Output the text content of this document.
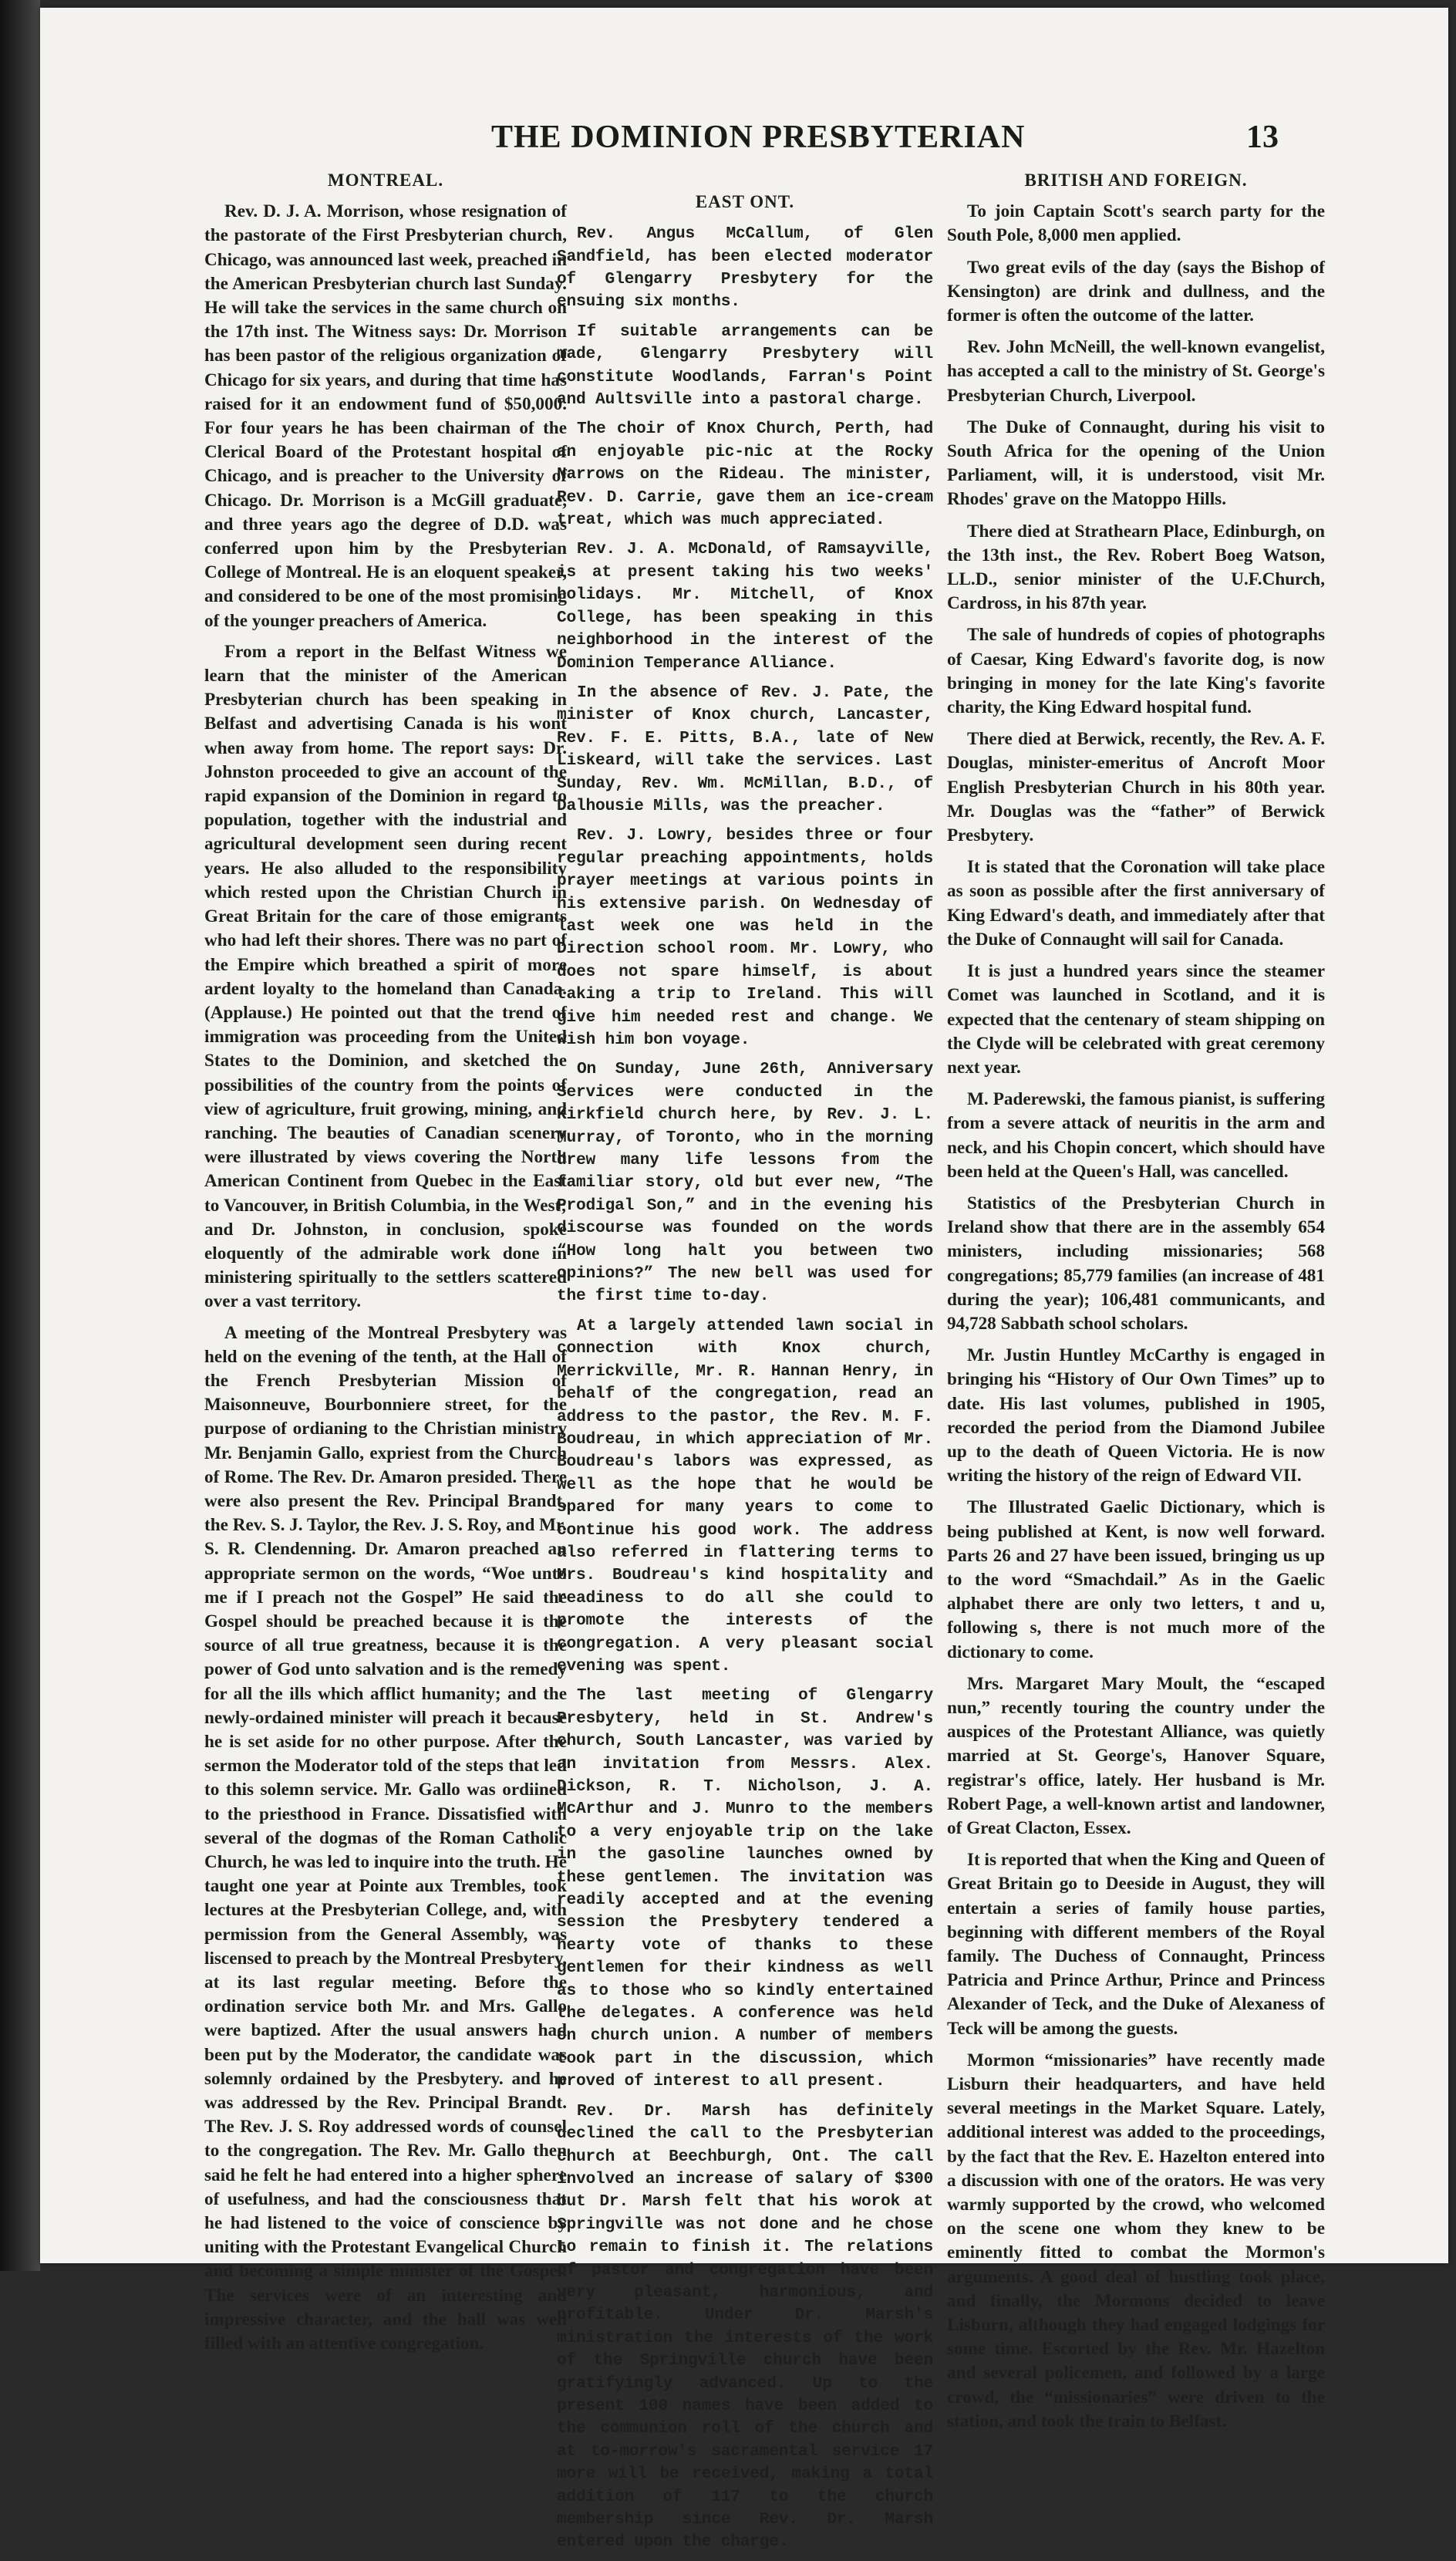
THE DOMINION PRESBYTERIAN	13
MONTREAL.

Rev. D. J. A. Morrison, whose resignation of the pastorate of the First Presbyterian church, Chicago, was announced last week, preached in the American Presbyterian church last Sunday. He will take the services in the same church on the 17th inst. The Witness says: Dr. Morrison has been pastor of the religious organization of Chicago for six years, and during that time has raised for it an endowment fund of $50,000. For four years he has been chairman of the Clerical Board of the Protestant hospital of Chicago, and is preacher to the University of Chicago. Dr. Morrison is a McGill graduate, and three years ago the degree of D.D. was conferred upon him by the Presbyterian College of Montreal. He is an eloquent speaker, and considered to be one of the most promising of the younger preachers of America.

From a report in the Belfast Witness we learn that the minister of the American Presbyterian church has been speaking in Belfast and advertising Canada is his wont when away from home. The report says: Dr. Johnston proceeded to give an account of the rapid expansion of the Dominion in regard to population, together with the industrial and agricultural development seen during recent years. He also alluded to the responsibility which rested upon the Christian Church in Great Britain for the care of those emigrants who had left their shores. There was no part of the Empire which breathed a spirit of more ardent loyalty to the homeland than Canada. (Applause.) He pointed out that the trend of immigration was proceeding from the United States to the Dominion, and sketched the possibilities of the country from the points of view of agriculture, fruit growing, mining, and ranching. The beauties of Canadian scenery were illustrated by views covering the North American Continent from Quebec in the East to Vancouver, in British Columbia, in the West; and Dr. Johnston, in conclusion, spoke eloquently of the admirable work done in ministering spiritually to the settlers scattered over a vast territory.

A meeting of the Montreal Presbytery was held on the evening of the tenth, at the Hall of the French Presbyterian Mission of Maisonneuve, Bourbonniere street, for the purpose of ordianing to the Christian ministry Mr. Benjamin Gallo, expriest from the Church of Rome. The Rev. Dr. Amaron presided. There were also present the Rev. Principal Brandt, the Rev. S. J. Taylor, the Rev. J. S. Roy, and Mr. S. R. Clendenning. Dr. Amaron preached an appropriate sermon on the words, “Woe unto me if I preach not the Gospel” He said the Gospel should be preached because it is the source of all true greatness, because it is the power of God unto salvation and is the remedy for all the ills which afflict humanity; and the newly-ordained minister will preach it because he is set aside for no other purpose. After the sermon the Moderator told of the steps that led to this solemn service. Mr. Gallo was ordiined to the priesthood in France. Dissatisfied with several of the dogmas of the Roman Catholic Church, he was led to inquire into the truth. He taught one year at Pointe aux Trembles, took lectures at the Presbyterian College, and, with permission from the General Assembly, was liscensed to preach by the Montreal Presbytery, at its last regular meeting. Before the ordination service both Mr. and Mrs. Gallo were baptized. After the usual answers had been put by the Moderator, the candidate was solemnly ordained by the Presbytery. and he was addressed by the Rev. Principal Brandt. The Rev. J. S. Roy addressed words of counsel to the congregation. The Rev. Mr. Gallo then said he felt he had entered into a higher sphere of usefulness, and had the consciousness that he had listened to the voice of conscience by uniting with the Protestant Evangelical Church and becoming a simple minister of the Gospel. The services were of an interesting and impressive character, and the hall was well filled with an attentive congregation.

EAST ONT.

Rev. Angus McCallum, of Glen Sandfield, has been elected moderator of Glengarry Presbytery for the ensuing six months.

If suitable arrangements can be made, Glengarry Presbytery will constitute Woodlands, Farran's Point and Aultsville into a pastoral charge.

The choir of Knox Church, Perth, had an enjoyable pic-nic at the Rocky Narrows on the Rideau. The minister, Rev. D. Carrie, gave them an ice-cream treat, which was much appreciated.

Rev. J. A. McDonald, of Ramsayville, is at present taking his two weeks' holidays. Mr. Mitchell, of Knox College, has been speaking in this neighborhood in the interest of the Dominion Temperance Alliance.

In the absence of Rev. J. Pate, the minister of Knox church, Lancaster, Rev. F. E. Pitts, B.A., late of New Liskeard, will take the services. Last Sunday, Rev. Wm. McMillan, B.D., of Dalhousie Mills, was the preacher.

Rev. J. Lowry, besides three or four regular preaching appointments, holds prayer meetings at various points in his extensive parish. On Wednesday of last week one was held in the Direction school room. Mr. Lowry, who does not spare himself, is about taking a trip to Ireland. This will give him needed rest and change. We wish him bon voyage.

On Sunday, June 26th, Anniversary Services were conducted in the Kirkfield church here, by Rev. J. L. Murray, of Toronto, who in the morning drew many life lessons from the familiar story, old but ever new, “The Prodigal Son,” and in the evening his discourse was founded on the words “How long halt you between two opinions?” The new bell was used for the first time to-day.

At a largely attended lawn social in connection with Knox church, Merrickville, Mr. R. Hannan Henry, in behalf of the congregation, read an address to the pastor, the Rev. M. F. Boudreau, in which appreciation of Mr. Boudreau's labors was expressed, as well as the hope that he would be spared for many years to come to continue his good work. The address also referred in flattering terms to Mrs. Boudreau's kind hospitality and readiness to do all she could to promote the interests of the congregation. A very pleasant social evening was spent.

The last meeting of Glengarry Presbytery, held in St. Andrew's church, South Lancaster, was varied by an invitation from Messrs. Alex. Dickson, R. T. Nicholson, J. A. McArthur and J. Munro to the members to a very enjoyable trip on the lake in the gasoline launches owned by these gentlemen. The invitation was readily accepted and at the evening session the Presbytery tendered a hearty vote of thanks to these gentlemen for their kindness as well as to those who so kindly entertained the delegates. A conference was held on church union. A number of members took part in the discussion, which proved of interest to all present.

Rev. Dr. Marsh has definitely declined the call to the Presbyterian church at Beechburgh, Ont. The call involved an increase of salary of $300 but Dr. Marsh felt that his worok at Springville was not done and he chose to remain to finish it. The relations of pastor and congregation have been very pleasant, harmonious, and profitable. Under Dr. Marsh's ministration the interests of the work of the Springville church have been gratifyingly advanced. Up to the present 100 names have been added to the communion roll of the church and at to-morrow's sacramental service 17 more will be received, making a total addition of 117 to the church membership since Rev. Dr. Marsh entered upon the charge.

BRITISH AND FOREIGN.

To join Captain Scott's search party for the South Pole, 8,000 men applied.

Two great evils of the day (says the Bishop of Kensington) are drink and dullness, and the former is often the outcome of the latter.

Rev. John McNeill, the well-known evangelist, has accepted a call to the ministry of St. George's Presbyterian Church, Liverpool.

The Duke of Connaught, during his visit to South Africa for the opening of the Union Parliament, will, it is understood, visit Mr. Rhodes' grave on the Matoppo Hills.

There died at Strathearn Place, Edinburgh, on the 13th inst., the Rev. Robert Boeg Watson, LL.D., senior minister of the U.F.Church, Cardross, in his 87th year.

The sale of hundreds of copies of photographs of Caesar, King Edward's favorite dog, is now bringing in money for the late King's favorite charity, the King Edward hospital fund.

There died at Berwick, recently, the Rev. A. F. Douglas, minister-emeritus of Ancroft Moor English Presbyterian Church in his 80th year. Mr. Douglas was the “father” of Berwick Presbytery.

It is stated that the Coronation will take place as soon as possible after the first anniversary of King Edward's death, and immediately after that the Duke of Connaught will sail for Canada.

It is just a hundred years since the steamer Comet was launched in Scotland, and it is expected that the centenary of steam shipping on the Clyde will be celebrated with great ceremony next year.

M. Paderewski, the famous pianist, is suffering from a severe attack of neuritis in the arm and neck, and his Chopin concert, which should have been held at the Queen's Hall, was cancelled.

Statistics of the Presbyterian Church in Ireland show that there are in the assembly 654 ministers, including missionaries; 568 congregations; 85,779 families (an increase of 481 during the year); 106,481 communicants, and 94,728 Sabbath school scholars.

Mr. Justin Huntley McCarthy is engaged in bringing his “History of Our Own Times” up to date. His last volumes, published in 1905, recorded the period from the Diamond Jubilee up to the death of Queen Victoria. He is now writing the history of the reign of Edward VII.

The Illustrated Gaelic Dictionary, which is being published at Kent, is now well forward. Parts 26 and 27 have been issued, bringing us up to the word “Smachdail.” As in the Gaelic alphabet there are only two letters, t and u, following s, there is not much more of the dictionary to come.

Mrs. Margaret Mary Moult, the “escaped nun,” recently touring the country under the auspices of the Protestant Alliance, was quietly married at St. George's, Hanover Square, registrar's office, lately. Her husband is Mr. Robert Page, a well-known artist and landowner, of Great Clacton, Essex.

It is reported that when the King and Queen of Great Britain go to Deeside in August, they will entertain a series of family house parties, beginning with different members of the Royal family. The Duchess of Connaught, Princess Patricia and Prince Arthur, Prince and Princess Alexander of Teck, and the Duke of Alexaness of Teck will be among the guests.

Mormon “missionaries” have recently made Lisburn their headquarters, and have held several meetings in the Market Square. Lately, additional interest was added to the proceedings, by the fact that the Rev. E. Hazelton entered into a discussion with one of the orators. He was very warmly supported by the crowd, who welcomed on the scene one whom they knew to be eminently fitted to combat the Mormon's arguments. A good deal of hustling took place, and finally, the Mormons decided to leave Lisburn, although they had engaged lodgings for some time. Escorted by the Rev. Mr. Hazelton and several policemen, and followed by a large crowd, the “missionaries” were driven to the station, and took the train to Belfast.
